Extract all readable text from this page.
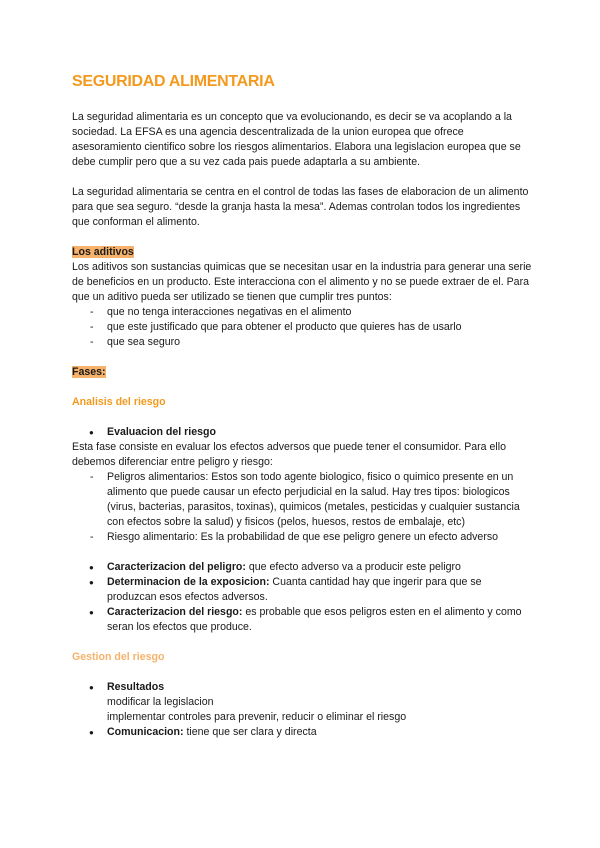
SEGURIDAD ALIMENTARIA

La seguridad alimentaria es un concepto que va evolucionando, es decir se va acoplando a la sociedad. La EFSA es una agencia descentralizada de la union europea que ofrece asesoramiento cientifico sobre los riesgos alimentarios. Elabora una legislacion europea que se debe cumplir pero que a su vez cada pais puede adaptarla a su ambiente.

La seguridad alimentaria se centra en el control de todas las fases de elaboracion de un alimento para que sea seguro. “desde la granja hasta la mesa”. Ademas controlan todos los ingredientes que conforman el alimento.

Los aditivos

Los aditivos son sustancias quimicas que se necesitan usar en la industria para generar una serie de beneficios en un producto. Este interacciona con el alimento y no se puede extraer de el. Para que un aditivo pueda ser utilizado se tienen que cumplir tres puntos:

- que no tenga interacciones negativas en el alimento
- que este justificado que para obtener el producto que quieres has de usarlo
- que sea seguro

Fases:

Analisis del riesgo

● Evaluacion del riesgo

Esta fase consiste en evaluar los efectos adversos que puede tener el consumidor. Para ello debemos diferenciar entre peligro y riesgo:

- Peligros alimentarios: Estos son todo agente biologico, fisico o quimico presente en un alimento que puede causar un efecto perjudicial en la salud. Hay tres tipos: biologicos (virus, bacterias, parasitos, toxinas), quimicos (metales, pesticidas y cualquier sustancia con efectos sobre la salud) y fisicos (pelos, huesos, restos de embalaje, etc)
- Riesgo alimentario: Es la probabilidad de que ese peligro genere un efecto adverso
● Caracterizacion del peligro: que efecto adverso va a producir este peligro
● Determinacion de la exposicion: Cuanta cantidad hay que ingerir para que se produzcan esos efectos adversos.
● Caracterizacion del riesgo: es probable que esos peligros esten en el alimento y como seran los efectos que produce.

Gestion del riesgo

● Resultados

modificar la legislacion

implementar controles para prevenir, reducir o eliminar el riesgo

● Comunicacion: tiene que ser clara y directa
